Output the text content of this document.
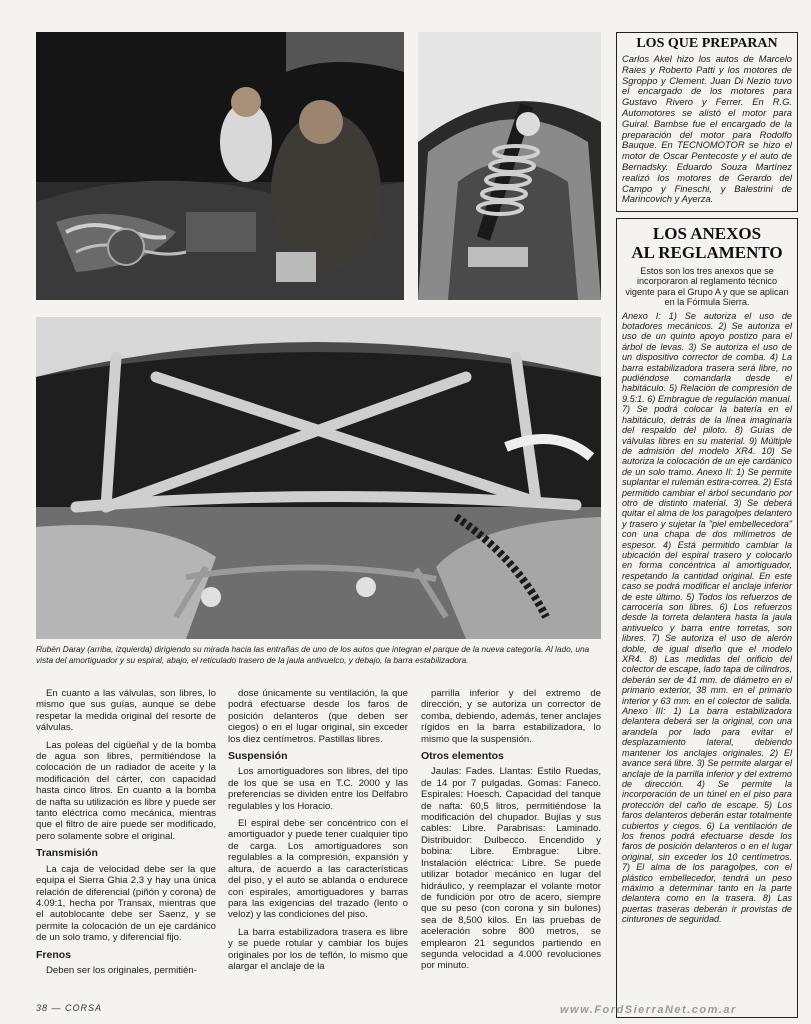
Rubén Daray (arriba, izquierda) dirigiendo su mirada hacia las entrañas de uno de los autos que integran el parque de la nueva categoría. Al lado, una vista del amortiguador y su espiral, abajo, el reticulado trasero de la jaula antivuelco, y debajo, la barra estabilizadora.

En cuanto a las válvulas, son libres, lo mismo que sus guías, aunque se debe respetar la medida original del resorte de válvulas.

Las poleas del cigüeñal y de la bomba de agua son libres, permitiéndose la colocación de un radiador de aceite y la modificación del cárter, con capacidad hasta cinco litros. En cuanto a la bomba de nafta su utilización es libre y puede ser tanto eléctrica como mecánica, mientras que el filtro de aire puede ser modificado, pero solamente sobre el original.

Transmisión

La caja de velocidad debe ser la que equipa el Sierra Ghia 2.3 y hay una única relación de diferencial (piñón y corona) de 4.09:1, hecha por Transax, mientras que el autoblocante debe ser Saenz, y se permite la colocación de un eje cardánico de un solo tramo, y diferencial fijo.

Frenos

Deben ser los originales, permitién-

dose únicamente su ventilación, la que podrá efectuarse desde los faros de posición delanteros (que deben ser ciegos) o en el lugar original, sin exceder los diez centímetros. Pastillas libres.

Suspensión

Los amortiguadores son libres, del tipo de los que se usa en T.C. 2000 y las preferencias se dividen entre los Delfabro regulables y los Horacio.

El espiral debe ser concéntrico con el amortiguador y puede tener cualquier tipo de carga. Los amortiguadores son regulables a la compresión, expansión y altura, de acuerdo a las características del piso, y el auto se ablanda o endurece con espirales, amortiguadores y barras para las exigencias del trazado (lento o veloz) y las condiciones del piso.

La barra estabilizadora trasera es libre y se puede rotular y cambiar los bujes originales por los de teflón, lo mismo que alargar el anclaje de la

parrilla inferior y del extremo de dirección, y se autoriza un corrector de comba, debiendo, además, tener anclajes rígidos en la barra estabilizadora, lo mismo que la suspensión.

Otros elementos

Jaulas: Fades. Llantas: Estilo Ruedas, de 14 por 7 pulgadas. Gomas: Faneco. Espirales: Hoesch. Capacidad del tanque de nafta: 60,5 litros, permitiéndose la modificación del chupador. Bujías y sus cables: Libre. Parabrisas: Laminado. Distribuidor: Dulbecco. Encendido y bobina: Libre. Embrague: Libre. Instalación eléctrica: Libre. Se puede utilizar botador mecánico en lugar del hidráulico, y reemplazar el volante motor de fundición por otro de acero, siempre que su peso (con corona y sin bulones) sea de 8,500 kilos. En las pruebas de aceleración sobre 800 metros, se emplearon 21 segundos partiendo en segunda velocidad a 4.000 revoluciones por minuto.

LOS QUE PREPARAN
Carlos Akel hizo los autos de Marcelo Raies y Roberto Patti y los motores de Sgroppo y Clement. Juan Di Nezio tuvo el encargado de los motores para Gustavo Rivero y Ferrer. En R.G. Automotores se alistó el motor para Guiral. Bambse fue el encargado de la preparación del motor para Rodolfo Bauque. En TECNOMOTOR se hizo el motor de Oscar Pentecoste y el auto de Bernadsky. Eduardo Souza Martínez realizó los motores de Gerardo del Campo y Fineschi, y Balestrini de Marincovich y Ayerza.
LOS ANEXOS
AL REGLAMENTO
Estos son los tres anexos que se incorporaron al reglamento técnico vigente para el Grupo A y que se aplican en la Fórmula Sierra.
Anexo I: 1) Se autoriza el uso de botadores mecánicos. 2) Se autoriza el uso de un quinto apoyo postizo para el árbol de levas. 3) Se autoriza el uso de un dispositivo corrector de comba. 4) La barra estabilizadora trasera será libre, no pudiéndose comandarla desde el habitáculo. 5) Relación de compresión de 9.5:1. 6) Embrague de regulación manual. 7) Se podrá colocar la batería en el habitáculo, detrás de la línea imaginaria del respaldo del piloto. 8) Guías de válvulas libres en su material. 9) Múltiple de admisión del modelo XR4. 10) Se autoriza la colocación de un eje cardánico de un solo tramo. Anexo II: 1) Se permite suplantar el rulemán estira-correa. 2) Está permitido cambiar el árbol secundario por otro de distinto material. 3) Se deberá quitar el alma de los paragolpes delantero y trasero y sujetar la "piel embellecedora" con una chapa de dos milímetros de espesor. 4) Está permitido cambiar la ubicación del espiral trasero y colocarlo en forma concéntrica al amortiguador, respetando la cantidad original. En este caso se podrá modificar el anclaje inferior de este último. 5) Todos los refuerzos de carrocería son libres. 6) Los refuerzos desde la torreta delantera hasta la jaula antivuelco y barra entre torretas, son libres. 7) Se autoriza el uso de alerón doble, de igual diseño que el modelo XR4. 8) Las medidas del orificio del colector de escape, lado tapa de cilindros, deberán ser de 41 mm. de diámetro en el primario exterior, 38 mm. en el primario interior y 63 mm. en el colector de salida. Anexo III: 1) La barra estabilizadora delantera deberá ser la original, con una arandela por lado para evitar el desplazamiento lateral, debiendo mantener los anclajes originales. 2) El avance será libre. 3) Se permite alargar el anclaje de la parrilla inferior y del extremo de dirección. 4) Se permite la incorporación de un túnel en el piso para protección del caño de escape. 5) Los faros delanteros deberán estar totalmente cubiertos y ciegos. 6) La ventilación de los frenos podrá efectuarse desde los faros de posición delanteros o en el lugar original, sin exceder los 10 centímetros. 7) El alma de los paragolpes, con el plástico embellecedor, tendrá un peso máximo a determinar tanto en la parte delantera como en la trasera. 8) Las puertas traseras deberán ir provistas de cinturones de seguridad.
38 — CORSA	www.FordSierraNet.com.ar
